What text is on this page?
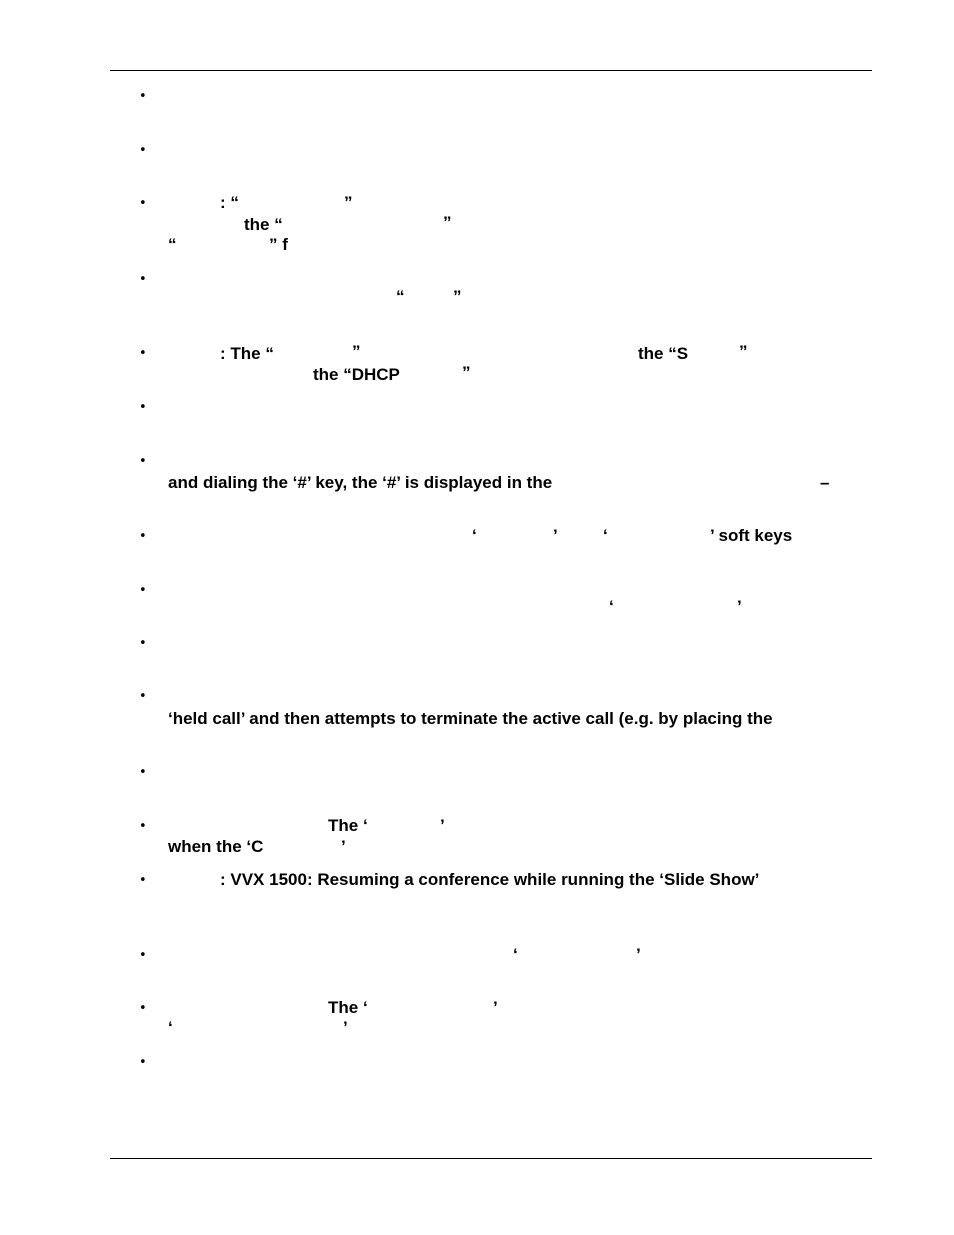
•
•
•	: “	”
the “	”
“	” f
•
“	”
•	: The “	”	the “S	”
the “DHCP	”
•
•
and dialing the ‘#’ key, the ‘#’ is displayed in the	–
•	‘	’	‘	’ soft keys
•
‘	’
•
•
‘held call’ and then attempts to terminate the active call (e.g. by placing the
•
•	The ‘	’
when the ‘C	’
•	: VVX 1500: Resuming a conference while running the ‘Slide Show’
•	‘	’
•	The ‘	’
‘	’
•
